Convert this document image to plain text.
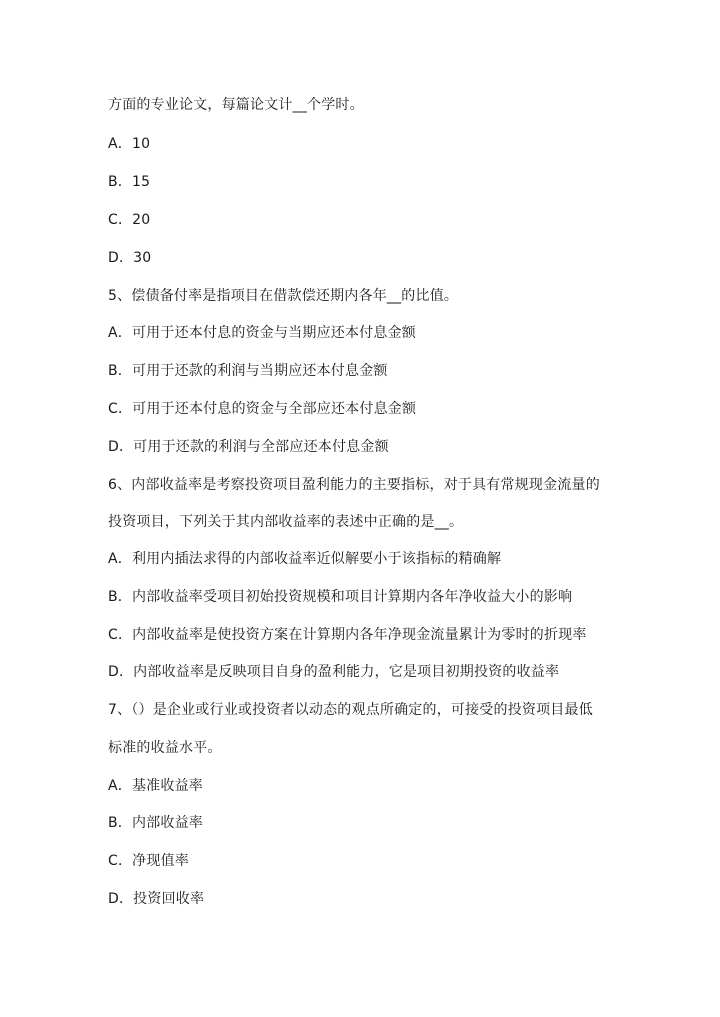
方面的专业论文，每篇论文计__个学时。
A．10
B．15
C．20
D．30
5、偿债备付率是指项目在借款偿还期内各年__的比值。
A．可用于还本付息的资金与当期应还本付息金额
B．可用于还款的利润与当期应还本付息金额
C．可用于还本付息的资金与全部应还本付息金额
D．可用于还款的利润与全部应还本付息金额
6、内部收益率是考察投资项目盈利能力的主要指标，对于具有常规现金流量的
投资项目，下列关于其内部收益率的表述中正确的是__。
A．利用内插法求得的内部收益率近似解要小于该指标的精确解
B．内部收益率受项目初始投资规模和项目计算期内各年净收益大小的影响
C．内部收益率是使投资方案在计算期内各年净现金流量累计为零时的折现率
D．内部收益率是反映项目自身的盈利能力，它是项目初期投资的收益率
7、（）是企业或行业或投资者以动态的观点所确定的，可接受的投资项目最低
标准的收益水平。
A．基准收益率
B．内部收益率
C．净现值率
D．投资回收率
